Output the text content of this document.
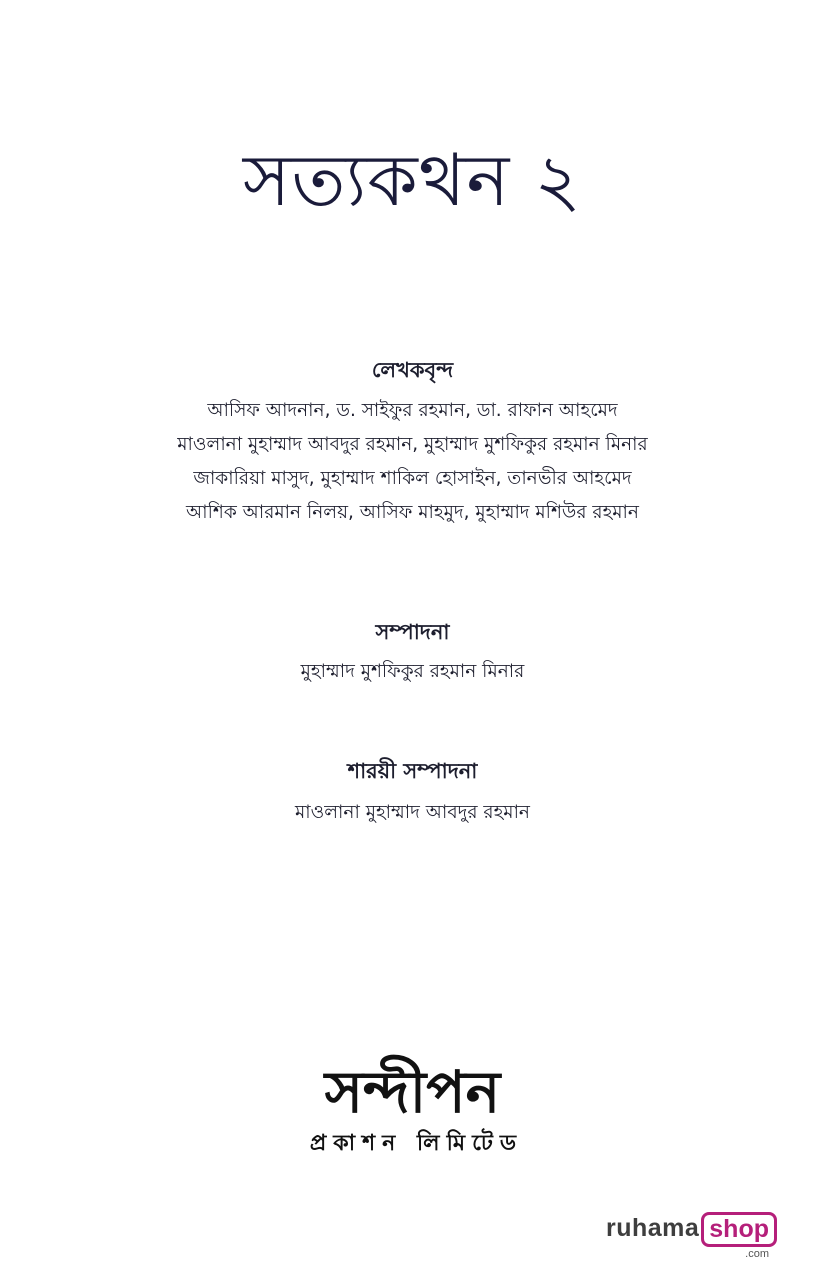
সত্যকথন ২
লেখকবৃন্দ
আসিফ আদনান, ড. সাইফুর রহমান, ডা. রাফান আহমেদ
মাওলানা মুহাম্মাদ আবদুর রহমান, মুহাম্মাদ মুশফিকুর রহমান মিনার
জাকারিয়া মাসুদ, মুহাম্মাদ শাকিল হোসাইন, তানভীর আহমেদ
আশিক আরমান নিলয়, আসিফ মাহমুদ, মুহাম্মাদ মশিউর রহমান
সম্পাদনা
মুহাম্মাদ মুশফিকুর রহমান মিনার
শারয়ী সম্পাদনা
মাওলানা মুহাম্মাদ আবদুর রহমান
সন্দীপন
প্রকাশন লিমিটেড
ruhama shop
.com
